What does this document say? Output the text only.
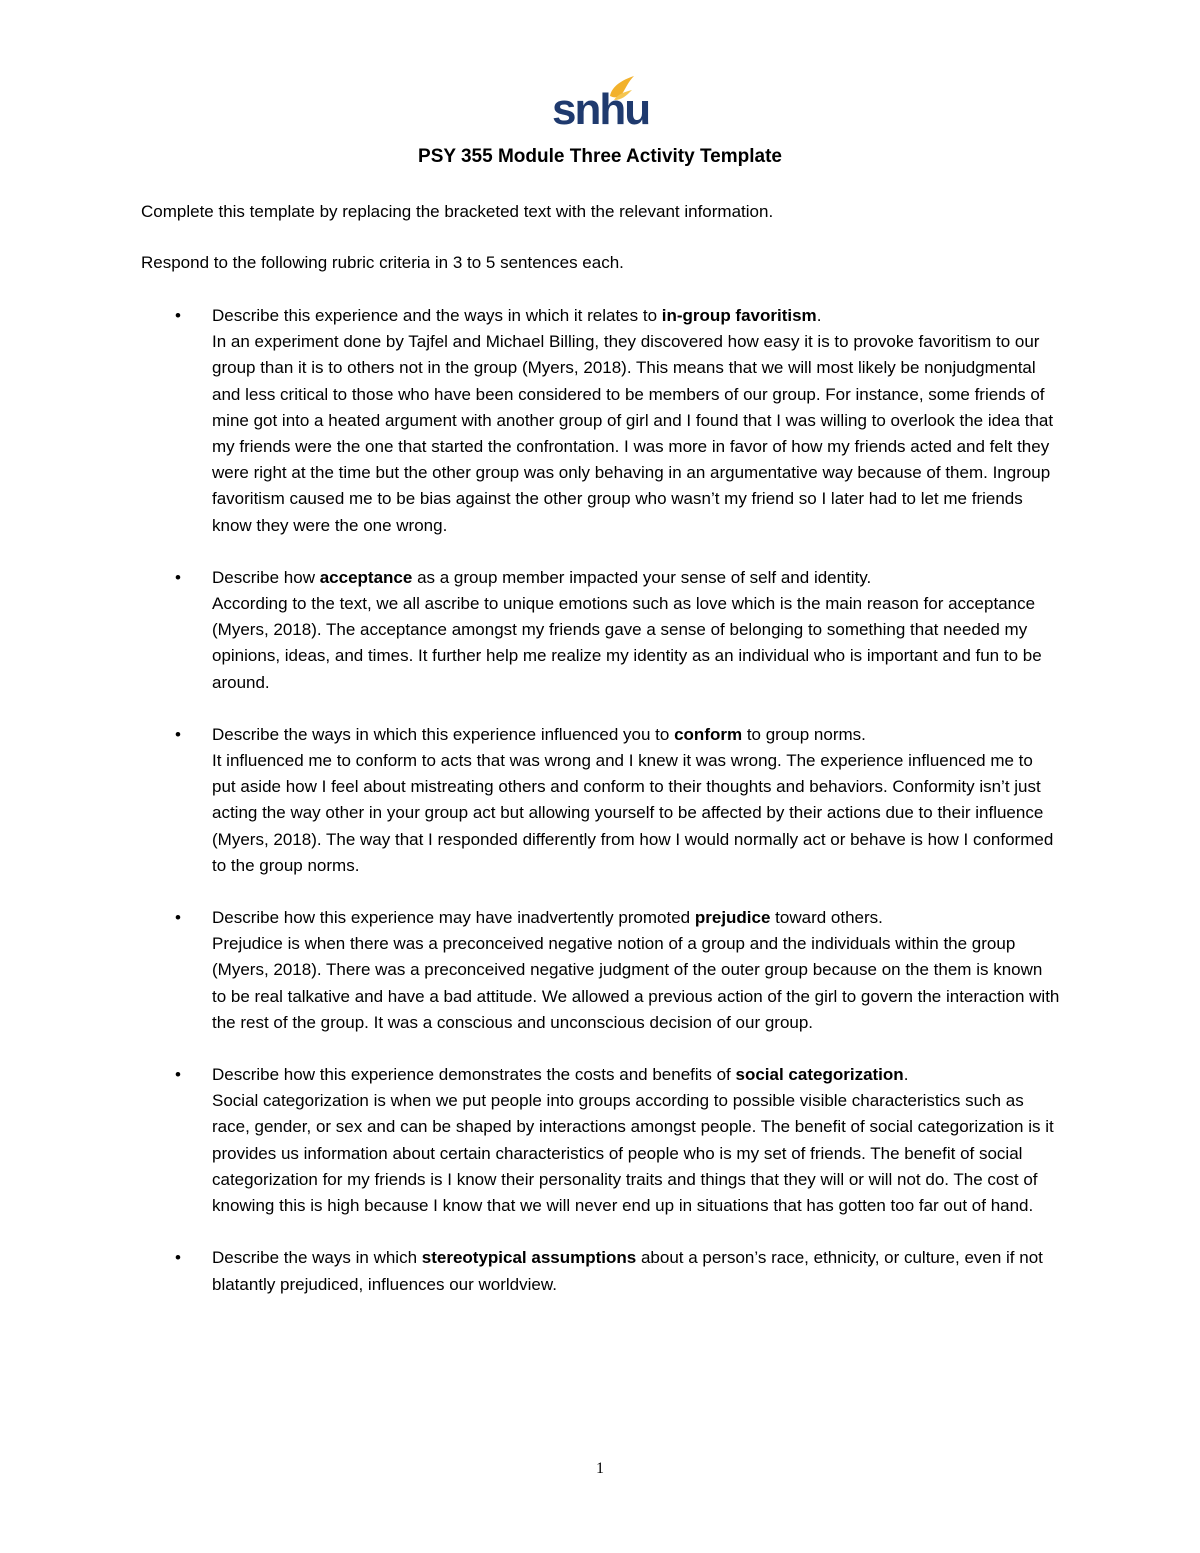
snhu
PSY 355 Module Three Activity Template
Complete this template by replacing the bracketed text with the relevant information.
Respond to the following rubric criteria in 3 to 5 sentences each.
• Describe this experience and the ways in which it relates to in-group favoritism.
In an experiment done by Tajfel and Michael Billing, they discovered how easy it is to provoke favoritism to our group than it is to others not in the group (Myers, 2018). This means that we will most likely be nonjudgmental and less critical to those who have been considered to be members of our group. For instance, some friends of mine got into a heated argument with another group of girl and I found that I was willing to overlook the idea that my friends were the one that started the confrontation. I was more in favor of how my friends acted and felt they were right at the time but the other group was only behaving in an argumentative way because of them. Ingroup favoritism caused me to be bias against the other group who wasn’t my friend so I later had to let me friends know they were the one wrong.
• Describe how acceptance as a group member impacted your sense of self and identity.
According to the text, we all ascribe to unique emotions such as love which is the main reason for acceptance (Myers, 2018). The acceptance amongst my friends gave a sense of belonging to something that needed my opinions, ideas, and times. It further help me realize my identity as an individual who is important and fun to be around.
• Describe the ways in which this experience influenced you to conform to group norms.
It influenced me to conform to acts that was wrong and I knew it was wrong. The experience influenced me to put aside how I feel about mistreating others and conform to their thoughts and behaviors. Conformity isn’t just acting the way other in your group act but allowing yourself to be affected by their actions due to their influence (Myers, 2018). The way that I responded differently from how I would normally act or behave is how I conformed to the group norms.
• Describe how this experience may have inadvertently promoted prejudice toward others.
Prejudice is when there was a preconceived negative notion of a group and the individuals within the group (Myers, 2018). There was a preconceived negative judgment of the outer group because on the them is known to be real talkative and have a bad attitude. We allowed a previous action of the girl to govern the interaction with the rest of the group. It was a conscious and unconscious decision of our group.
• Describe how this experience demonstrates the costs and benefits of social categorization.
Social categorization is when we put people into groups according to possible visible characteristics such as race, gender, or sex and can be shaped by interactions amongst people. The benefit of social categorization is it provides us information about certain characteristics of people who is my set of friends. The benefit of social categorization for my friends is I know their personality traits and things that they will or will not do. The cost of knowing this is high because I know that we will never end up in situations that has gotten too far out of hand.
• Describe the ways in which stereotypical assumptions about a person’s race, ethnicity, or culture, even if not blatantly prejudiced, influences our worldview.
1
